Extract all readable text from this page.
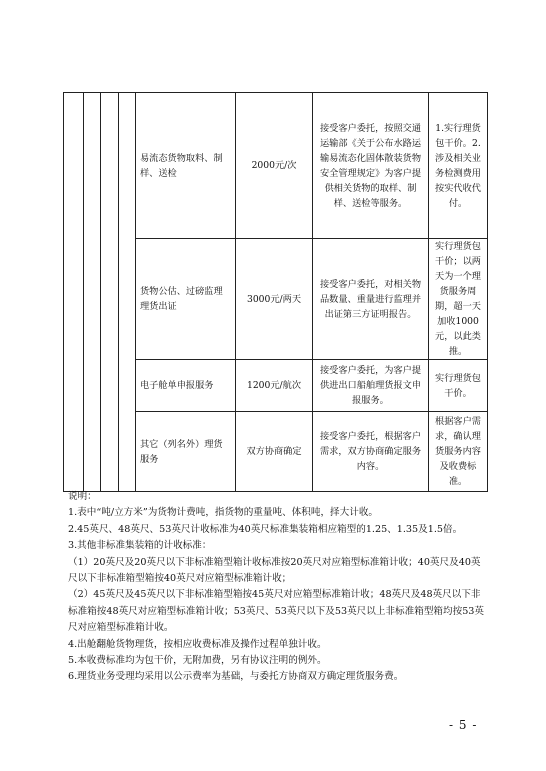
				易流态货物取料、制样、送检	2000元/次	接受客户委托，按照交通运输部《关于公布水路运输易流态化固体散装货物安全管理规定》为客户提供相关货物的取样、制样、送检等服务。	1.实行理货包干价。2.涉及相关业务检测费用按实代收代付。
				货物公估、过磅监理理货出证	3000元/两天	接受客户委托，对相关物品数量、重量进行监理并出证第三方证明报告。	实行理货包干价；以两天为一个理货服务周期，超一天加收1000元，以此类推。
				电子舱单申报服务	1200元/航次	接受客户委托，为客户提供进出口船舶理货报文申报服务。	实行理货包干价。
				其它（列名外）理货服务	双方协商确定	接受客户委托，根据客户需求，双方协商确定服务内容。	根据客户需求，确认理货服务内容及收费标准。
说明：
1.表中“吨/立方米”为货物计费吨，指货物的重量吨、体积吨，择大计收。
2.45英尺、48英尺、53英尺计收标准为40英尺标准集装箱相应箱型的1.25、1.35及1.5倍。
3.其他非标准集装箱的计收标准：
（1）20英尺及20英尺以下非标准箱型箱计收标准按20英尺对应箱型标准箱计收；40英尺及40英尺以下非标准箱型箱按40英尺对应箱型标准箱计收；
（2）45英尺及45英尺以下非标准箱型箱按45英尺对应箱型标准箱计收；48英尺及48英尺以下非标准箱按48英尺对应箱型标准箱计收；53英尺、53英尺以下及53英尺以上非标准箱型箱均按53英尺对应箱型标准箱计收。
4.出舱翻舱货物理货，按相应收费标准及操作过程单独计收。
5.本收费标准均为包干价，无附加费，另有协议注明的例外。
6.理货业务受理均采用以公示费率为基础，与委托方协商双方确定理货服务费。
- 5 -
